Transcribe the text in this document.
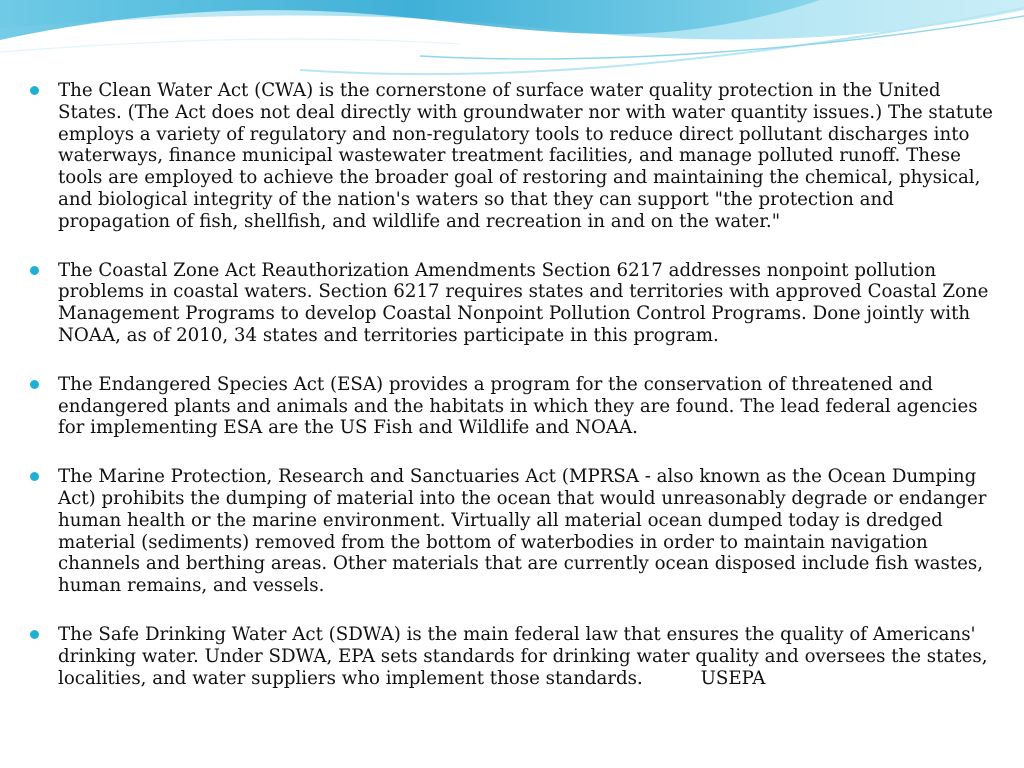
The Clean Water Act (CWA) is the cornerstone of surface water quality protection in the United States. (The Act does not deal directly with groundwater nor with water quantity issues.) The statute employs a variety of regulatory and non-regulatory tools to reduce direct pollutant discharges into waterways, finance municipal wastewater treatment facilities, and manage polluted runoff. These tools are employed to achieve the broader goal of restoring and maintaining the chemical, physical, and biological integrity of the nation's waters so that they can support "the protection and propagation of fish, shellfish, and wildlife and recreation in and on the water."
The Coastal Zone Act Reauthorization Amendments Section 6217 addresses nonpoint pollution problems in coastal waters. Section 6217 requires states and territories with approved Coastal Zone Management Programs to develop Coastal Nonpoint Pollution Control Programs. Done jointly with NOAA, as of 2010, 34 states and territories participate in this program.
The Endangered Species Act (ESA) provides a program for the conservation of threatened and endangered plants and animals and the habitats in which they are found. The lead federal agencies for implementing ESA are the US Fish and Wildlife and NOAA.
The Marine Protection, Research and Sanctuaries Act (MPRSA - also known as the Ocean Dumping Act) prohibits the dumping of material into the ocean that would unreasonably degrade or endanger human health or the marine environment. Virtually all material ocean dumped today is dredged material (sediments) removed from the bottom of waterbodies in order to maintain navigation channels and berthing areas. Other materials that are currently ocean disposed include fish wastes, human remains, and vessels.
The Safe Drinking Water Act (SDWA) is the main federal law that ensures the quality of Americans' drinking water. Under SDWA, EPA sets standards for drinking water quality and oversees the states, localities, and water suppliers who implement those standards.	USEPA
